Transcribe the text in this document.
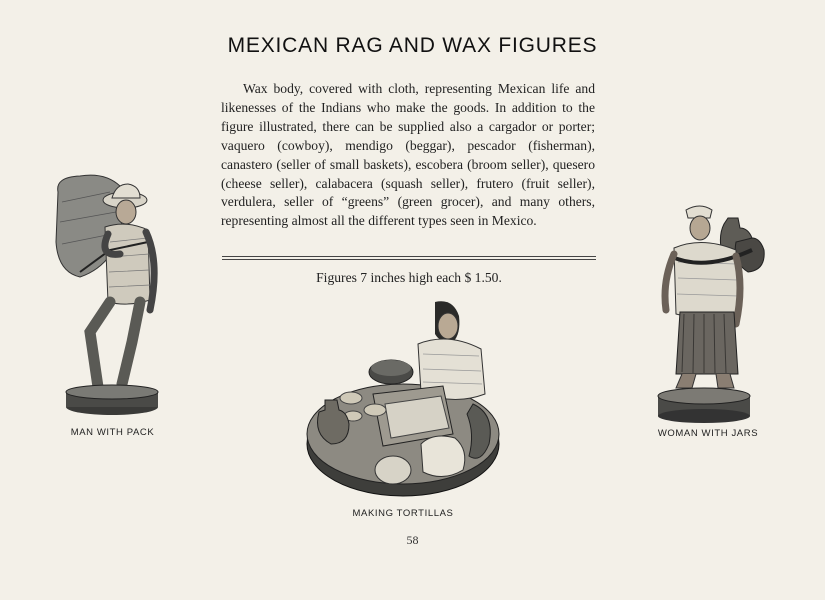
MEXICAN RAG AND WAX FIGURES
Wax body, covered with cloth, representing Mexican life and likenesses of the Indians who make the goods. In addition to the figure illustrated, there can be supplied also a cargador or porter; vaquero (cowboy), mendigo (beggar), pescador (fisherman), canastero (seller of small baskets), escobera (broom seller), quesero (cheese seller), calabacera (squash seller), frutero (fruit seller), verdulera, seller of “greens” (green grocer), and many others, representing almost all the different types seen in Mexico.
Figures 7 inches high each $ 1.50.
MAN WITH PACK
MAKING TORTILLAS
WOMAN WITH JARS
58
